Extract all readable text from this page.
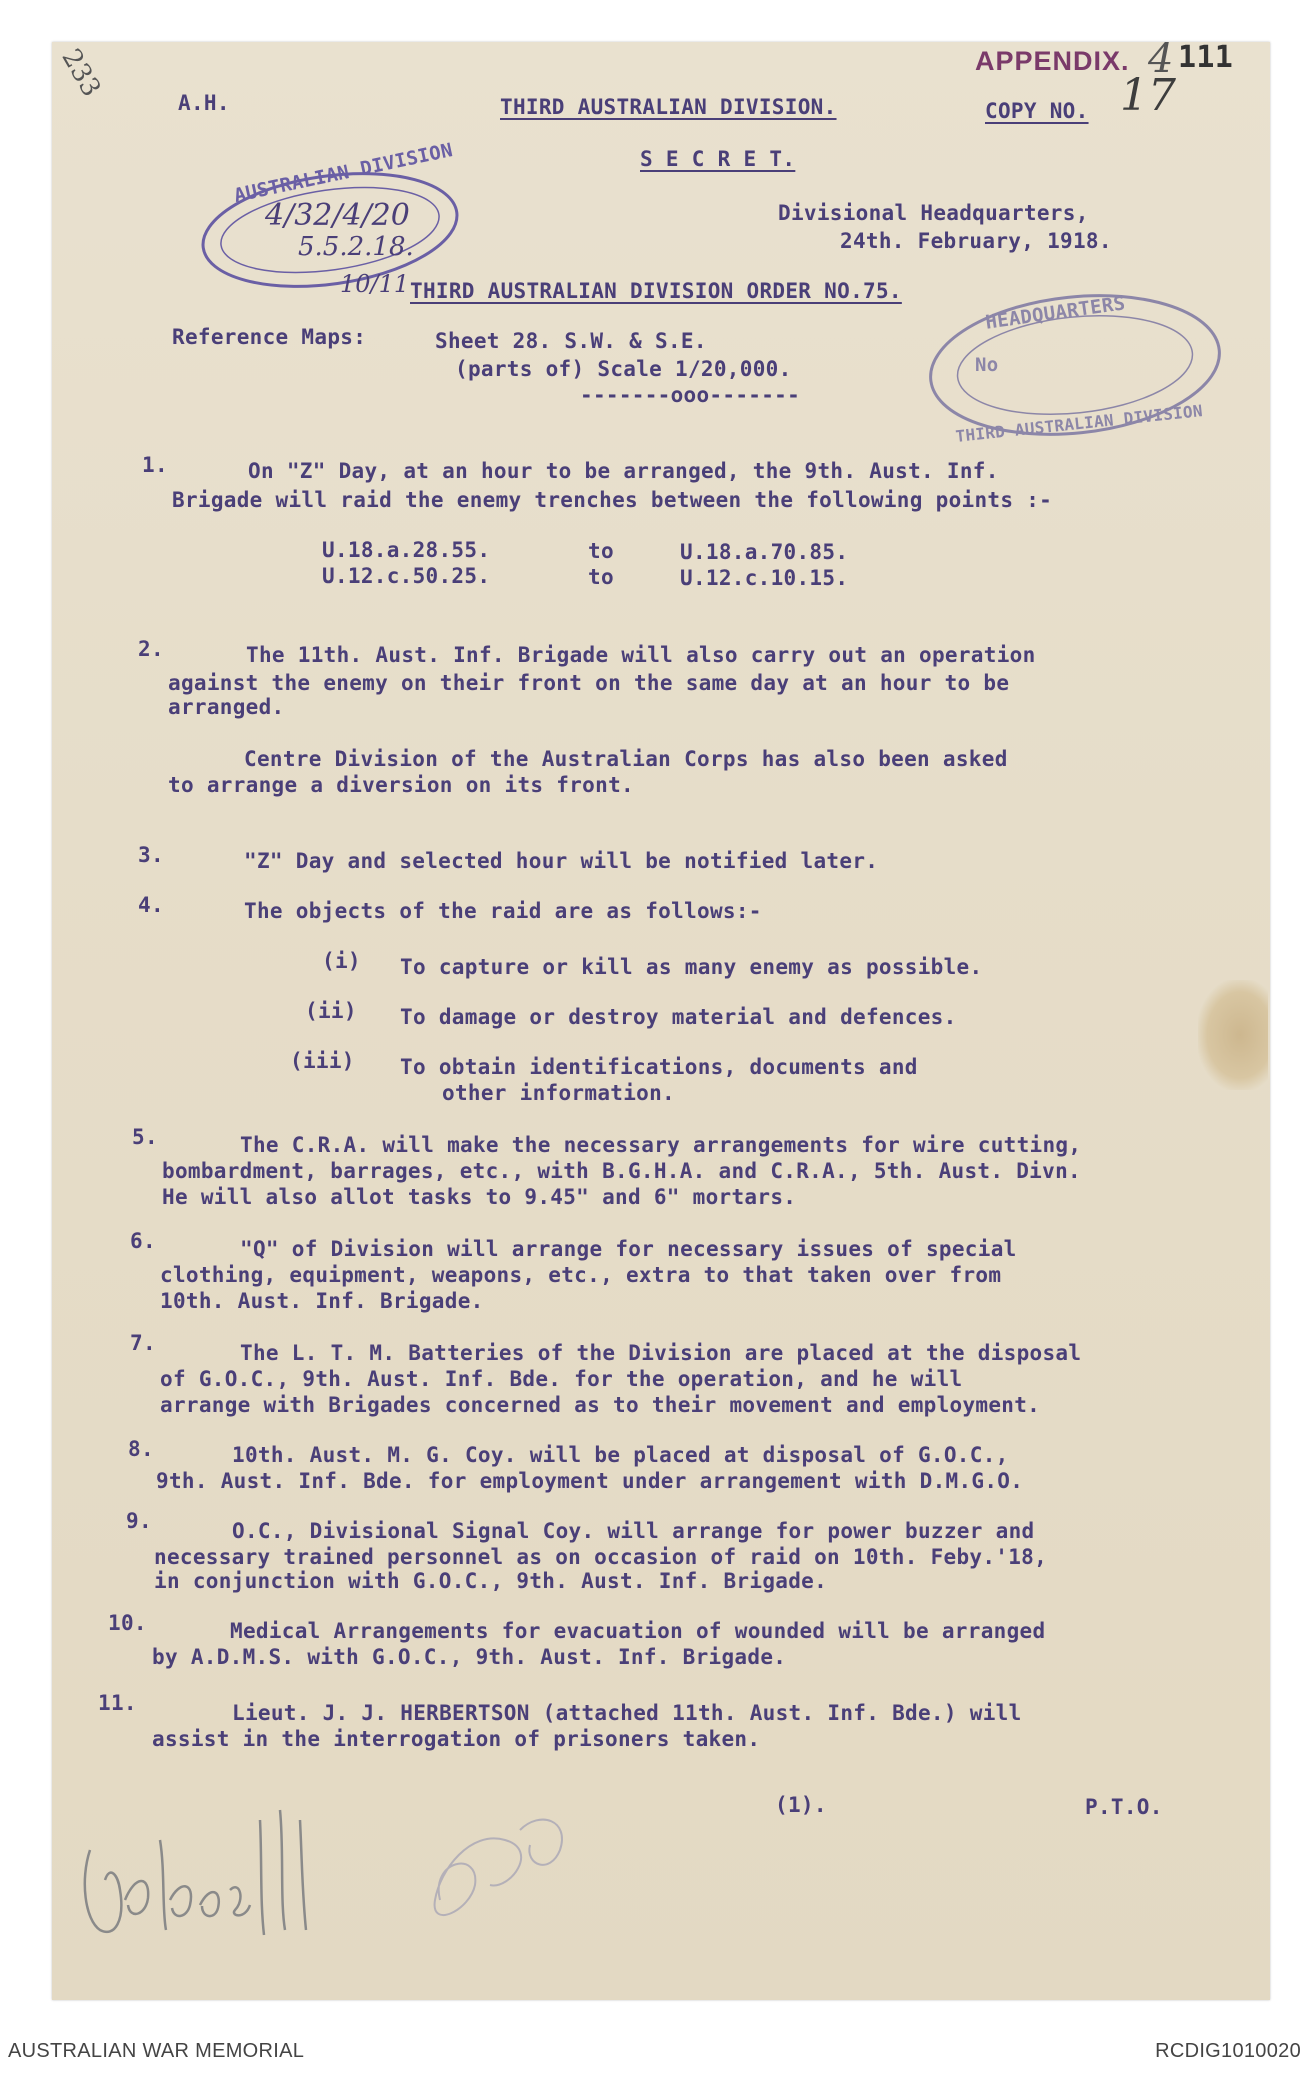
233	APPENDIX. 4 111
A.H.	THIRD AUSTRALIAN DIVISION.	COPY NO. 17
S E C R E T.
AUSTRALIAN DIVISION
4/32/4/20
5.5.2.18.
10/11
Divisional Headquarters,
24th. February, 1918.
THIRD AUSTRALIAN DIVISION ORDER NO.75.
HEADQUARTERS
No
THIRD AUSTRALIAN DIVISION
Reference Maps:	Sheet 28. S.W. & S.E.
(parts of) Scale 1/20,000.
-------ooo-------
1.	On "Z" Day, at an hour to be arranged, the 9th. Aust. Inf.
Brigade will raid the enemy trenches between the following points :-
U.18.a.28.55.	to	U.18.a.70.85.
U.12.c.50.25.	to	U.12.c.10.15.
2.	The 11th. Aust. Inf. Brigade will also carry out an operation
against the enemy on their front on the same day at an hour to be
arranged.
Centre Division of the Australian Corps has also been asked
to arrange a diversion on its front.
3.	"Z" Day and selected hour will be notified later.
4.	The objects of the raid are as follows:-
(i) To capture or kill as many enemy as possible.
(ii) To damage or destroy material and defences.
(iii) To obtain identifications, documents and
other information.
5.	The C.R.A. will make the necessary arrangements for wire cutting,
bombardment, barrages, etc., with B.G.H.A. and C.R.A., 5th. Aust. Divn.
He will also allot tasks to 9.45" and 6" mortars.
6.	"Q" of Division will arrange for necessary issues of special
clothing, equipment, weapons, etc., extra to that taken over from
10th. Aust. Inf. Brigade.
7.	The L. T. M. Batteries of the Division are placed at the disposal
of G.O.C., 9th. Aust. Inf. Bde. for the operation, and he will
arrange with Brigades concerned as to their movement and employment.
8.	10th. Aust. M. G. Coy. will be placed at disposal of G.O.C.,
9th. Aust. Inf. Bde. for employment under arrangement with D.M.G.O.
9.	O.C., Divisional Signal Coy. will arrange for power buzzer and
necessary trained personnel as on occasion of raid on 10th. Feby.'18,
in conjunction with G.O.C., 9th. Aust. Inf. Brigade.
10.	Medical Arrangements for evacuation of wounded will be arranged
by A.D.M.S. with G.O.C., 9th. Aust. Inf. Brigade.
11.	Lieut. J. J. HERBERTSON (attached 11th. Aust. Inf. Bde.) will
assist in the interrogation of prisoners taken.
(1).	P.T.O.
AUSTRALIAN WAR MEMORIAL	RCDIG1010020
